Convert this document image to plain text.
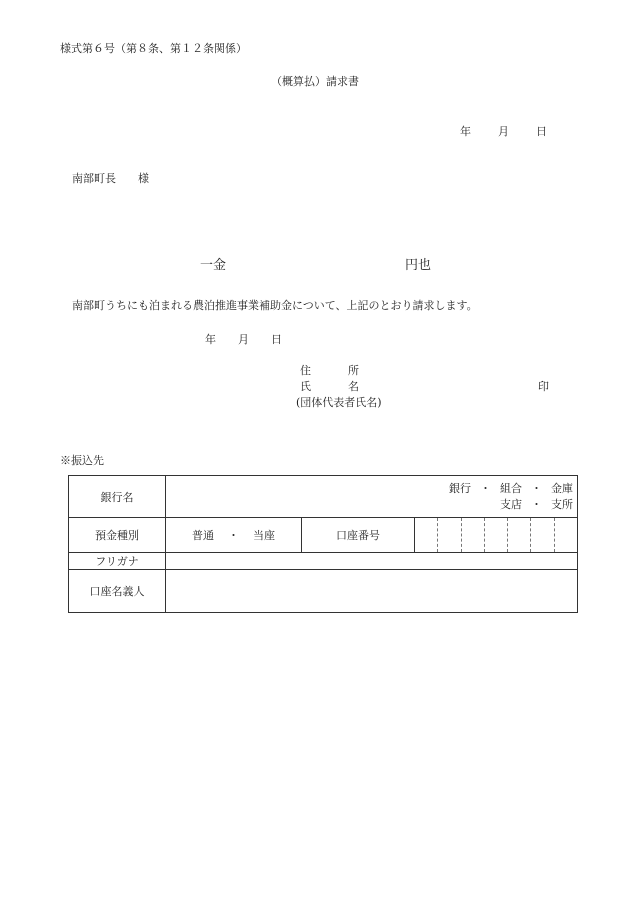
様式第６号（第８条、第１２条関係）
（概算払）請求書
年 月 日
南部町長 様
一金	円也
南部町うちにも泊まれる農泊推進事業補助金について、上記のとおり請求します。
年 月 日
住	所
氏	名	印
(団体代表者氏名)
※振込先
銀行名	銀行 ・ 組合 ・ 金庫
支店 ・ 支所		

預金種別	普通 ・ 当座	口座番号	

フリガナ			
口座名義人			
